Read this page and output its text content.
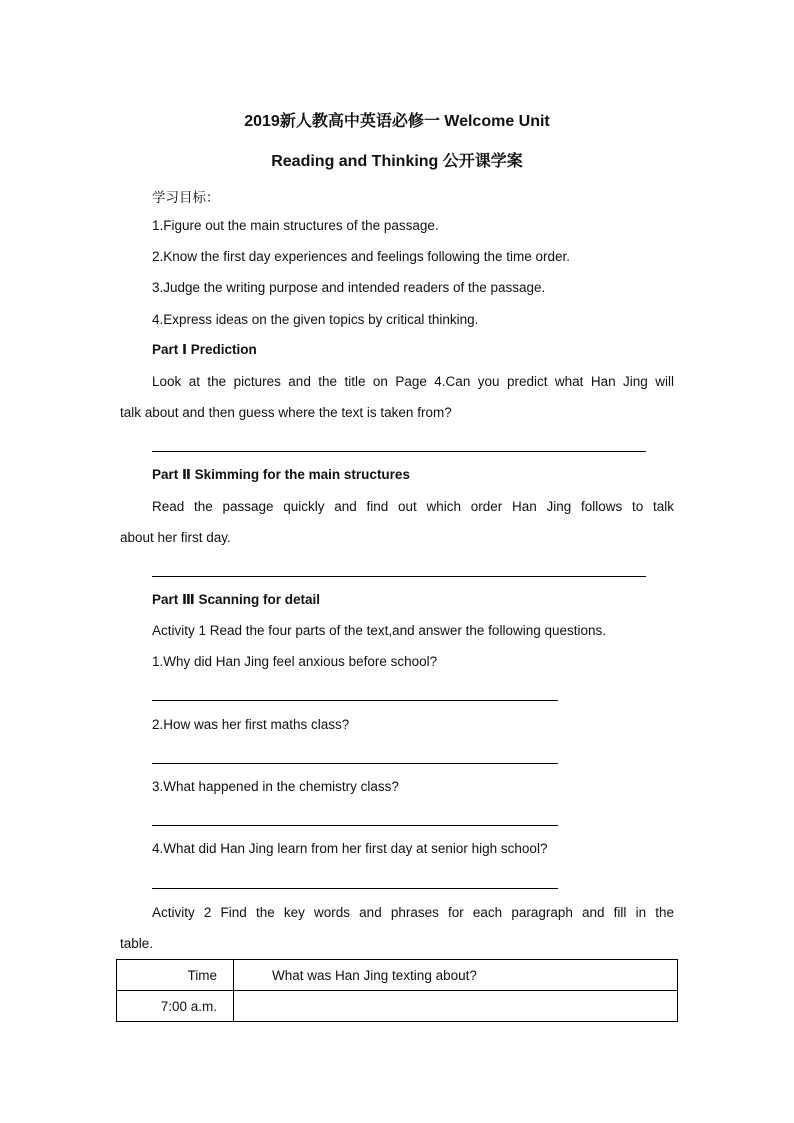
2019新人教高中英语必修一 Welcome Unit
Reading and Thinking 公开课学案
学习目标：
1.Figure out the main structures of the passage.
2.Know the first day experiences and feelings following the time order.
3.Judge the writing purpose and intended readers of the passage.
4.Express ideas on the given topics by critical thinking.
Part Ⅰ Prediction
Look at the pictures and the title on Page 4.Can you predict what Han Jing will
talk about and then guess where the text is taken from?
Part Ⅱ Skimming for the main structures
Read the passage quickly and find out which order Han Jing follows to talk
about her first day.
Part Ⅲ Scanning for detail
Activity 1 Read the four parts of the text,and answer the following questions.
1.Why did Han Jing feel anxious before school?
2.How was her first maths class?
3.What happened in the chemistry class?
4.What did Han Jing learn from her first day at senior high school?
Activity 2 Find the key words and phrases for each paragraph and fill in the
table.
Time	What was Han Jing texting about?
7:00 a.m.	
